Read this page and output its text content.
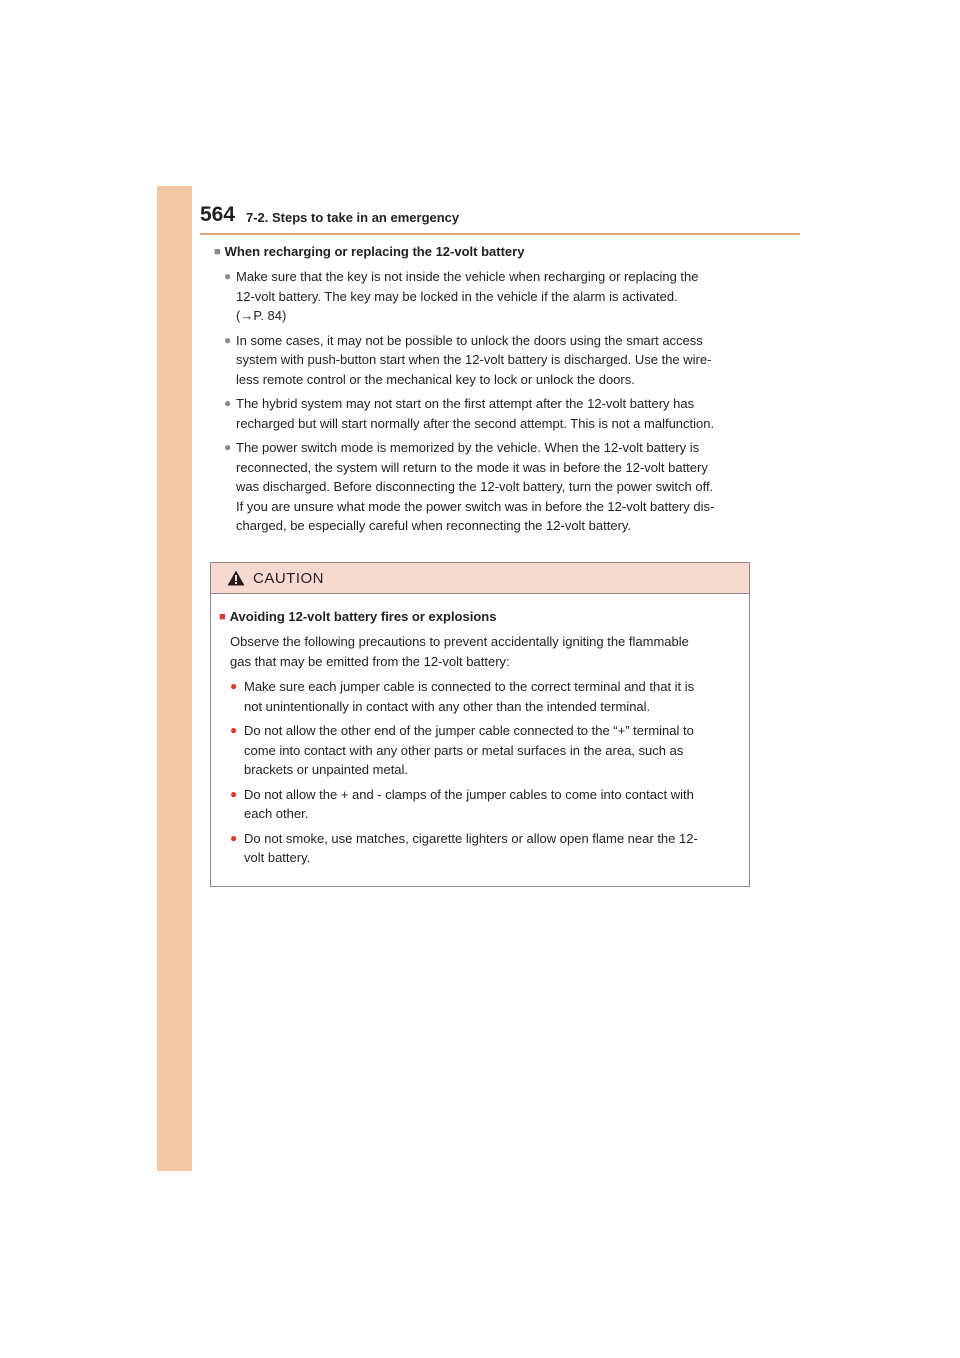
564 7-2. Steps to take in an emergency
■ When recharging or replacing the 12-volt battery
● Make sure that the key is not inside the vehicle when recharging or replacing the
12-volt battery. The key may be locked in the vehicle if the alarm is activated.
(→P. 84)
● In some cases, it may not be possible to unlock the doors using the smart access
system with push-button start when the 12-volt battery is discharged. Use the wire-
less remote control or the mechanical key to lock or unlock the doors.
● The hybrid system may not start on the first attempt after the 12-volt battery has
recharged but will start normally after the second attempt. This is not a malfunction.
● The power switch mode is memorized by the vehicle. When the 12-volt battery is
reconnected, the system will return to the mode it was in before the 12-volt battery
was discharged. Before disconnecting the 12-volt battery, turn the power switch off.
If you are unsure what mode the power switch was in before the 12-volt battery dis-
charged, be especially careful when reconnecting the 12-volt battery.
CAUTION
■ Avoiding 12-volt battery fires or explosions
Observe the following precautions to prevent accidentally igniting the flammable
gas that may be emitted from the 12-volt battery:
● Make sure each jumper cable is connected to the correct terminal and that it is
not unintentionally in contact with any other than the intended terminal.
● Do not allow the other end of the jumper cable connected to the “+” terminal to
come into contact with any other parts or metal surfaces in the area, such as
brackets or unpainted metal.
● Do not allow the + and - clamps of the jumper cables to come into contact with
each other.
● Do not smoke, use matches, cigarette lighters or allow open flame near the 12-
volt battery.
